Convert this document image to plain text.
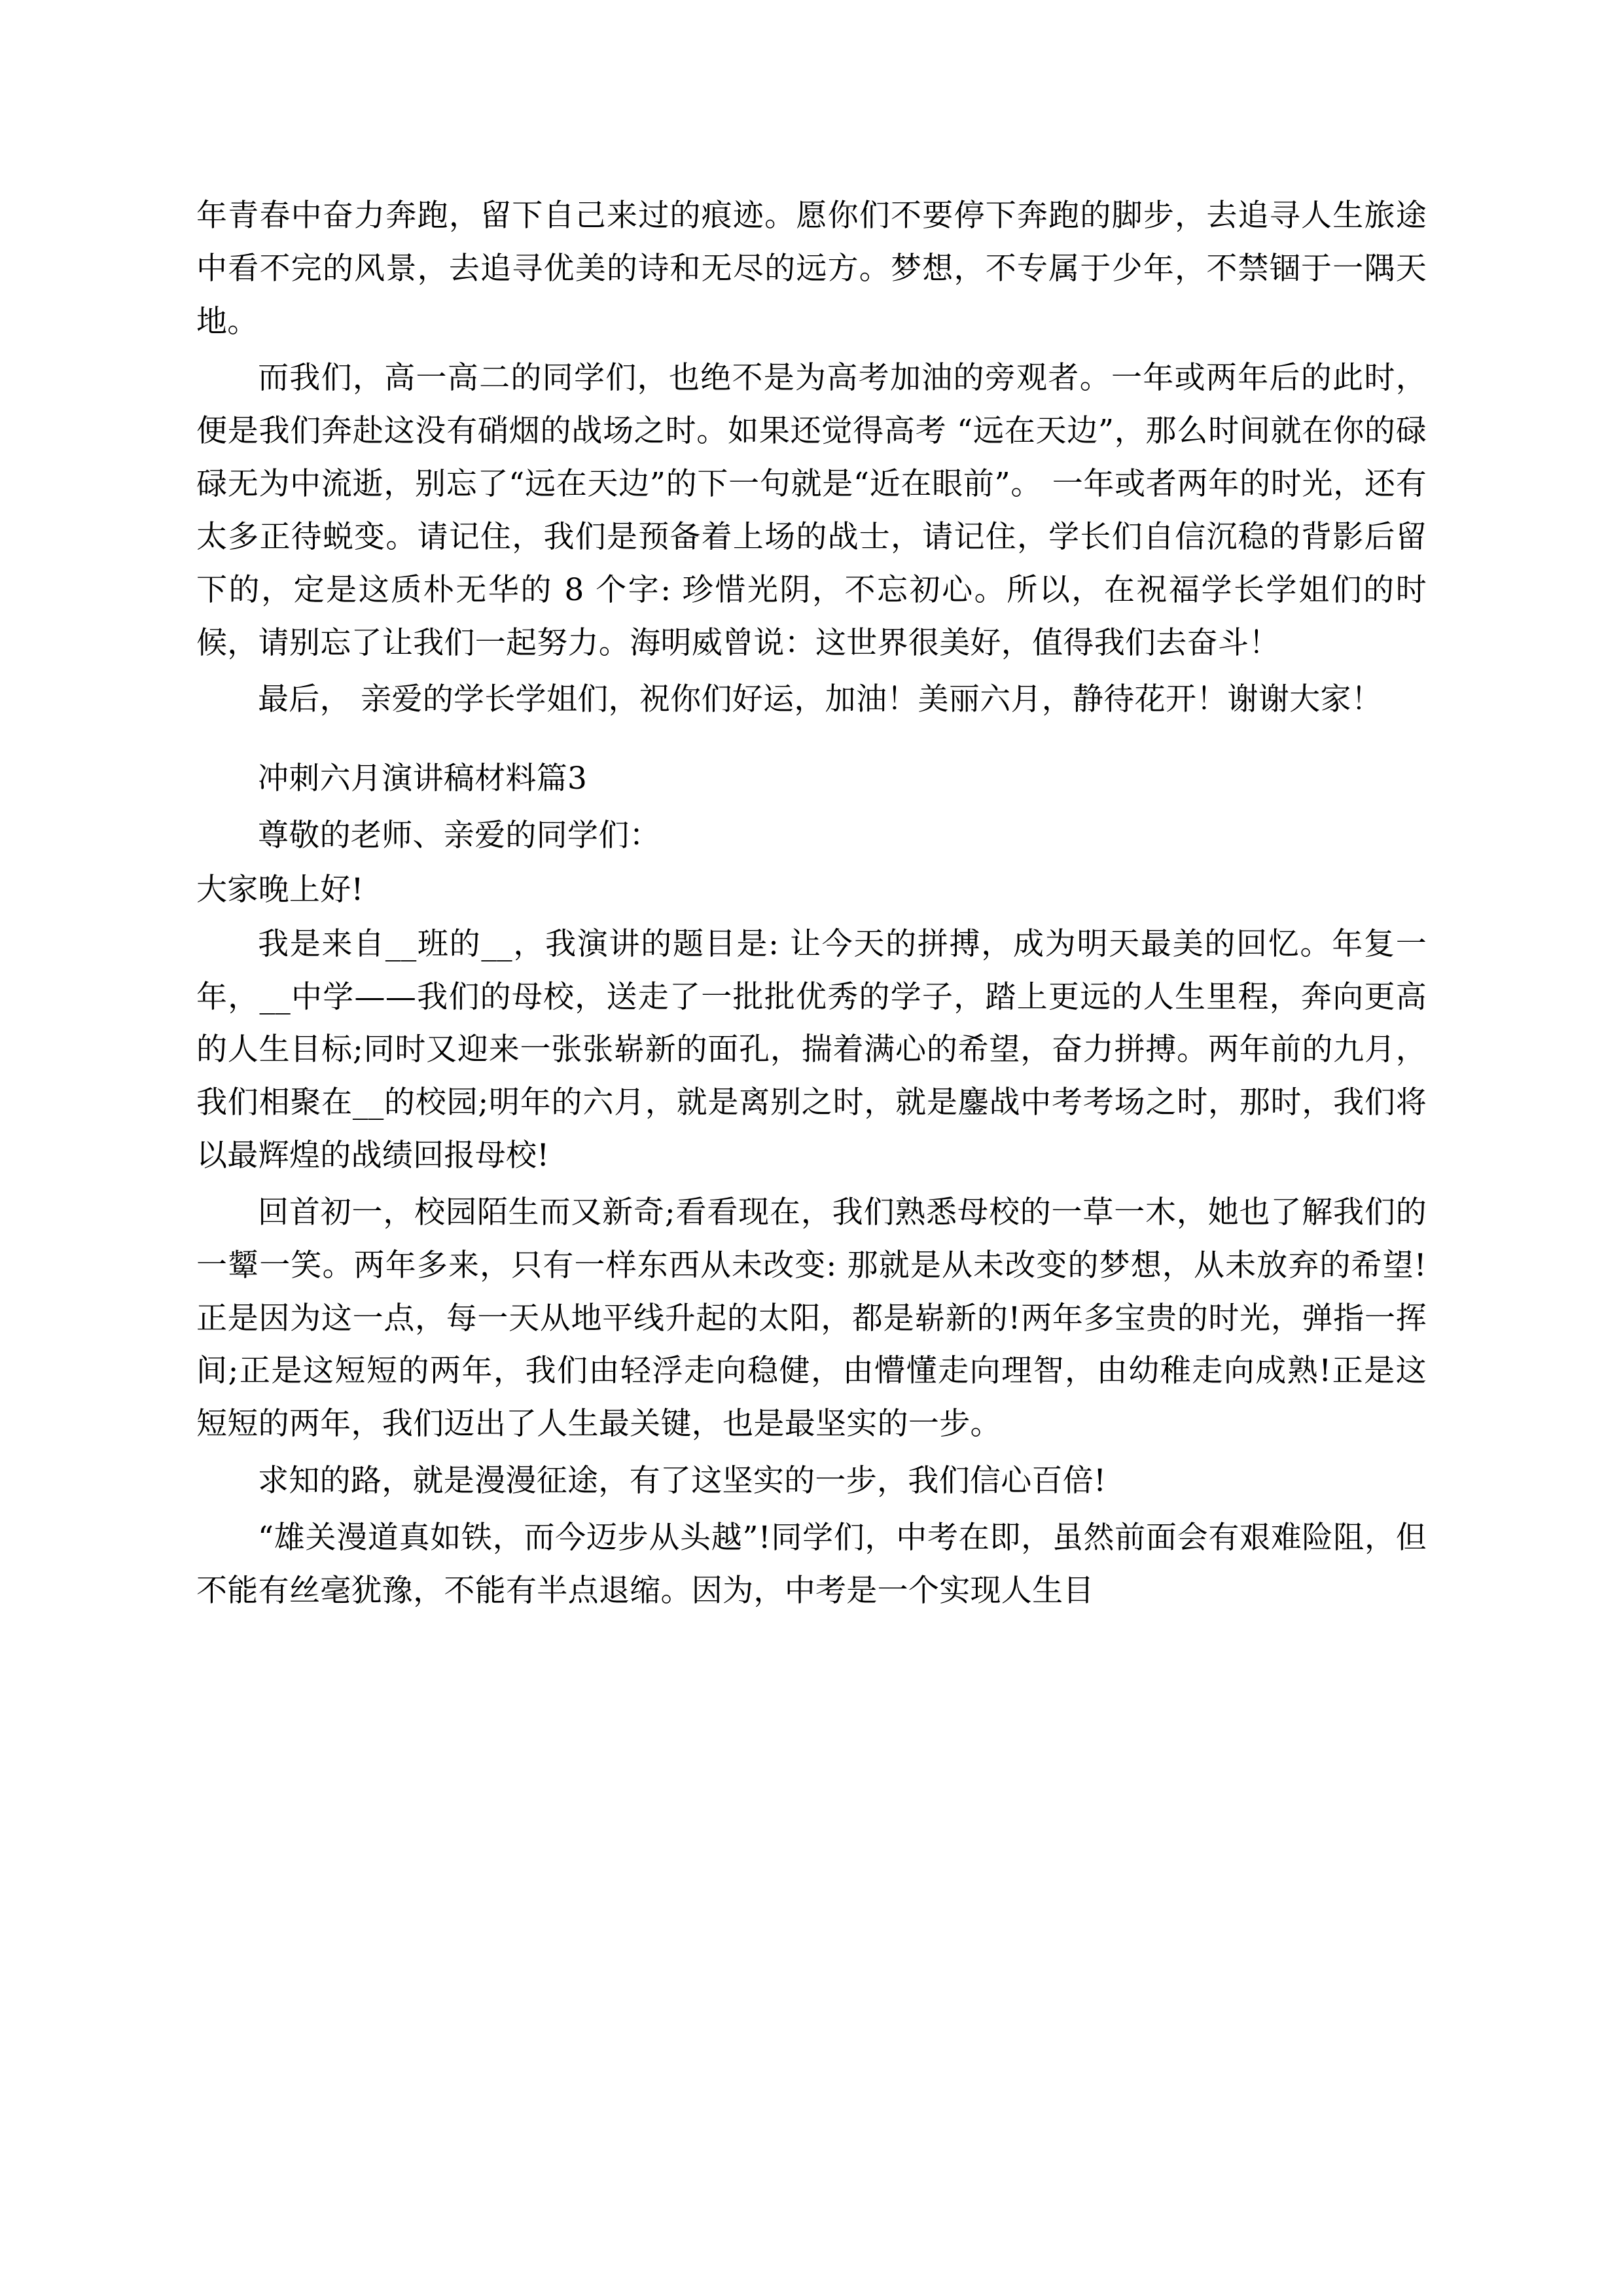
年青春中奋力奔跑，留下自己来过的痕迹。愿你们不要停下奔跑的脚步，去追寻人生旅途中看不完的风景，去追寻优美的诗和无尽的远方。梦想，不专属于少年，不禁锢于一隅天地。

而我们，高一高二的同学们，也绝不是为高考加油的旁观者。一年或两年后的此时，便是我们奔赴这没有硝烟的战场之时。如果还觉得高考 “远在天边”，那么时间就在你的碌碌无为中流逝，别忘了“远在天边”的下一句就是“近在眼前”。 一年或者两年的时光，还有太多正待蜕变。请记住，我们是预备着上场的战士，请记住，学长们自信沉稳的背影后留下的，定是这质朴无华的 8 个字: 珍惜光阴，不忘初心。所以，在祝福学长学姐们的时候，请别忘了让我们一起努力。海明威曾说：这世界很美好，值得我们去奋斗！

最后， 亲爱的学长学姐们，祝你们好运，加油！美丽六月，静待花开！谢谢大家！

冲刺六月演讲稿材料篇3

尊敬的老师、亲爱的同学们：

大家晚上好!

我是来自__班的__，我演讲的题目是: 让今天的拼搏，成为明天最美的回忆。年复一年，__中学——我们的母校，送走了一批批优秀的学子，踏上更远的人生里程，奔向更高的人生目标;同时又迎来一张张崭新的面孔，揣着满心的希望，奋力拼搏。两年前的九月，我们相聚在__的校园;明年的六月，就是离别之时，就是鏖战中考考场之时，那时，我们将以最辉煌的战绩回报母校!

回首初一，校园陌生而又新奇;看看现在，我们熟悉母校的一草一木，她也了解我们的一颦一笑。两年多来，只有一样东西从未改变: 那就是从未改变的梦想，从未放弃的希望!正是因为这一点，每一天从地平线升起的太阳，都是崭新的!两年多宝贵的时光，弹指一挥间;正是这短短的两年，我们由轻浮走向稳健，由懵懂走向理智，由幼稚走向成熟!正是这短短的两年，我们迈出了人生最关键，也是最坚实的一步。

求知的路，就是漫漫征途，有了这坚实的一步，我们信心百倍!

“雄关漫道真如铁，而今迈步从头越”!同学们，中考在即，虽然前面会有艰难险阻，但不能有丝毫犹豫，不能有半点退缩。因为，中考是一个实现人生目
